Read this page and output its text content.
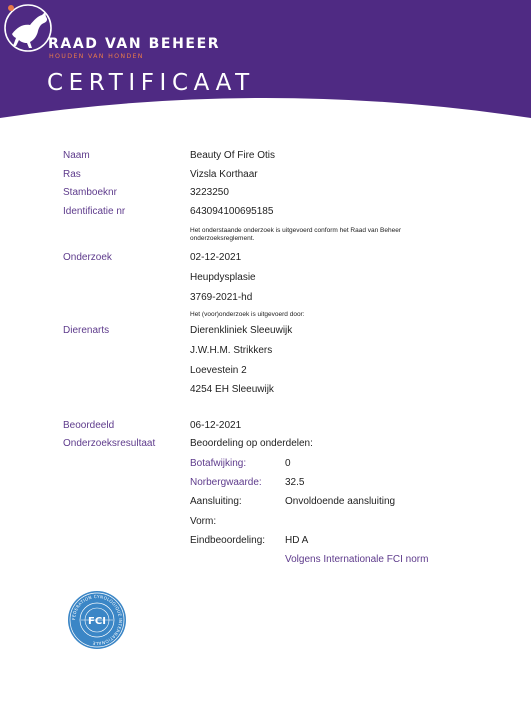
RAAD VAN BEHEER
HOUDEN VAN HONDEN
CERTIFICAAT
Naam	Beauty Of Fire Otis
Ras	Vizsla Korthaar
Stamboeknr	3223250
Identificatie nr	643094100695185
Het onderstaande onderzoek is uitgevoerd conform het Raad van Beheer onderzoeksreglement.
Onderzoek	02-12-2021
Heupdysplasie
3769-2021-hd
Het (voor)onderzoek is uitgevoerd door:
Dierenarts	Dierenkliniek Sleeuwijk
J.W.H.M. Strikkers
Loevestein 2
4254 EH Sleeuwijk
Beoordeeld	06-12-2021
Onderzoeksresultaat	Beoordeling op onderdelen:
Botafwijking:	0
Norbergwaarde: 32.5
Aansluiting:	Onvoldoende aansluiting
Vorm:
Eindbeoordeling: HD A
Volgens Internationale FCI norm
FEDERATION CYNOLOGIQUE INTERNATIONALE
FCI
